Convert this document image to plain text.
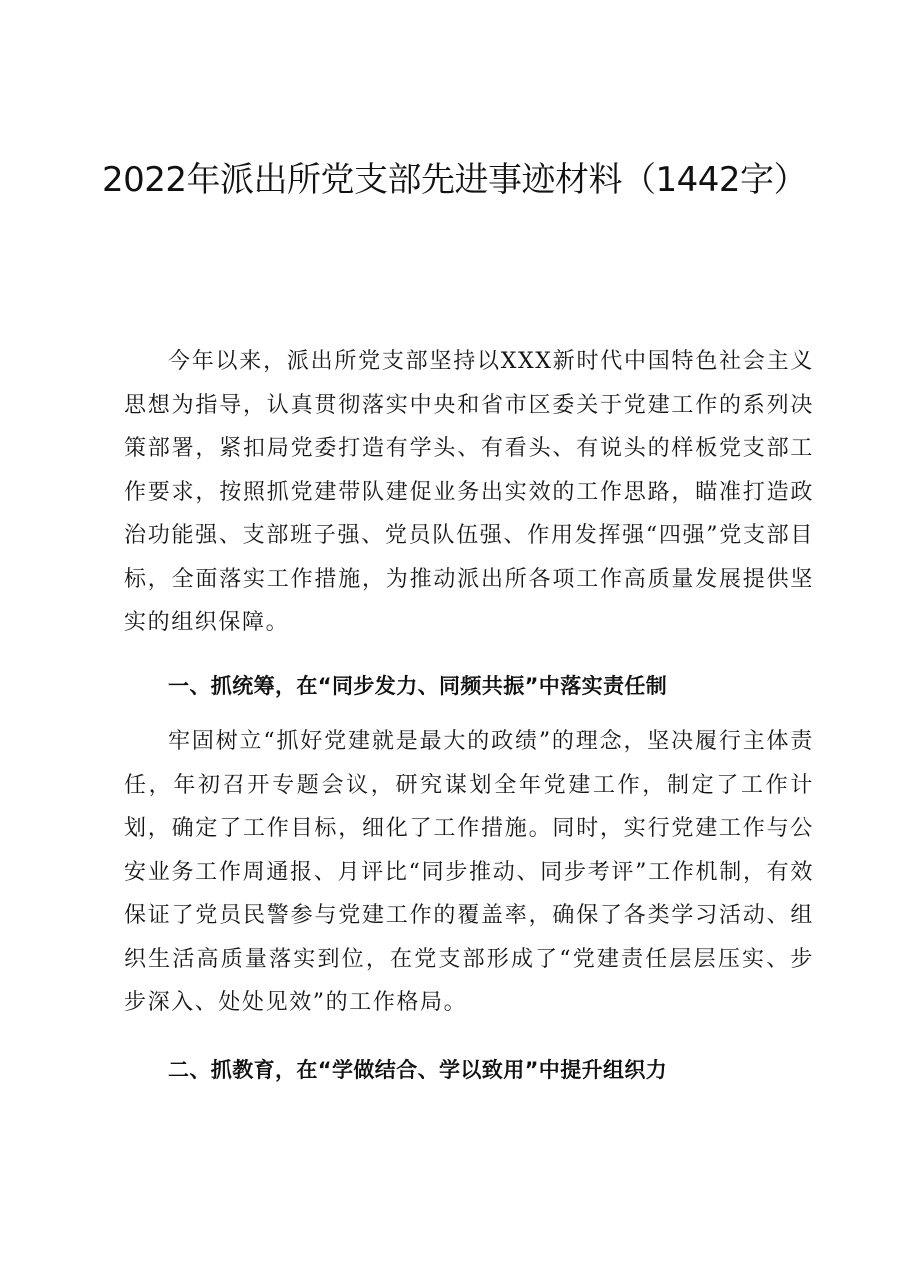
2022年派出所党支部先进事迹材料（1442字）

今年以来，派出所党支部坚持以XXX新时代中国特色社会主义思想为指导，认真贯彻落实中央和省市区委关于党建工作的系列决策部署，紧扣局党委打造有学头、有看头、有说头的样板党支部工作要求，按照抓党建带队建促业务出实效的工作思路，瞄准打造政治功能强、支部班子强、党员队伍强、作用发挥强“四强”党支部目标，全面落实工作措施，为推动派出所各项工作高质量发展提供坚实的组织保障。

一、抓统筹，在“同步发力、同频共振”中落实责任制

牢固树立“抓好党建就是最大的政绩”的理念，坚决履行主体责任，年初召开专题会议，研究谋划全年党建工作，制定了工作计划，确定了工作目标，细化了工作措施。同时，实行党建工作与公安业务工作周通报、月评比“同步推动、同步考评”工作机制，有效保证了党员民警参与党建工作的覆盖率，确保了各类学习活动、组织生活高质量落实到位，在党支部形成了“党建责任层层压实、步步深入、处处见效”的工作格局。

二、抓教育，在“学做结合、学以致用”中提升组织力
